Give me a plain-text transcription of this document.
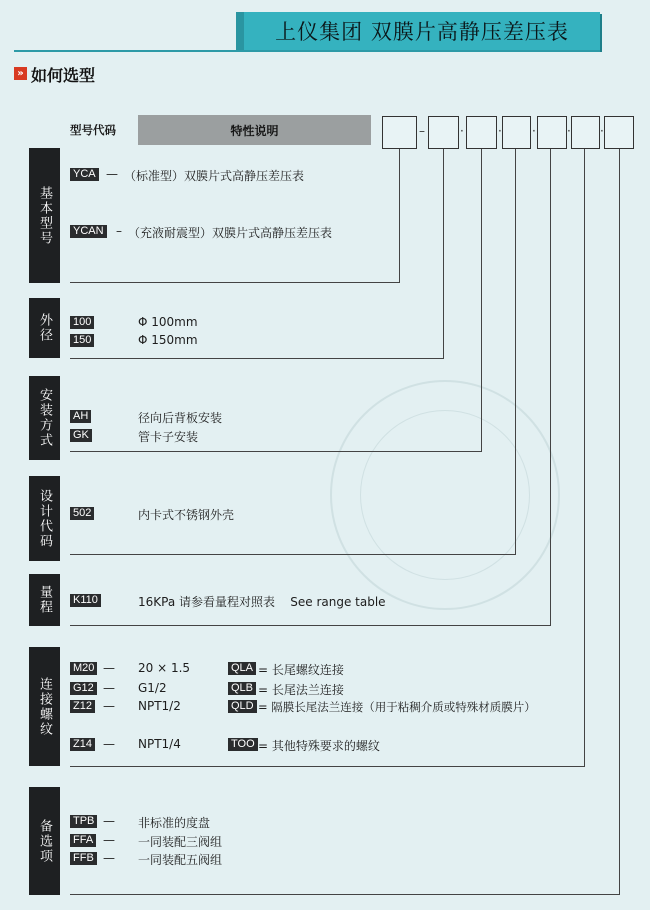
上仪集团 双膜片高静压差压表
» 如何选型
型号代码	特性说明	–	·	·	·	· ·
基本型号
YCA — （标准型）双膜片式高静压差压表
YCAN – （充液耐震型）双膜片式高静压差压表
外径	100	Φ 100mm
150	Φ 150mm
安装方式	AH	径向后背板安装
GK	管卡子安装
设计代码	502	内卡式不锈钢外壳
量程	K110	16KPa 请参看量程对照表    See range table
连接螺纹
M20 — 20 × 1.5	QLA = 长尾螺纹连接
G12 — G1/2	QLB = 长尾法兰连接
Z12 — NPT1/2	QLD = 隔膜长尾法兰连接（用于粘稠介质或特殊材质膜片）
Z14 — NPT1/4	TOO = 其他特殊要求的螺纹
备选项	TPB — 非标准的度盘
FFA — 一同装配三阀组
FFB — 一同装配五阀组
